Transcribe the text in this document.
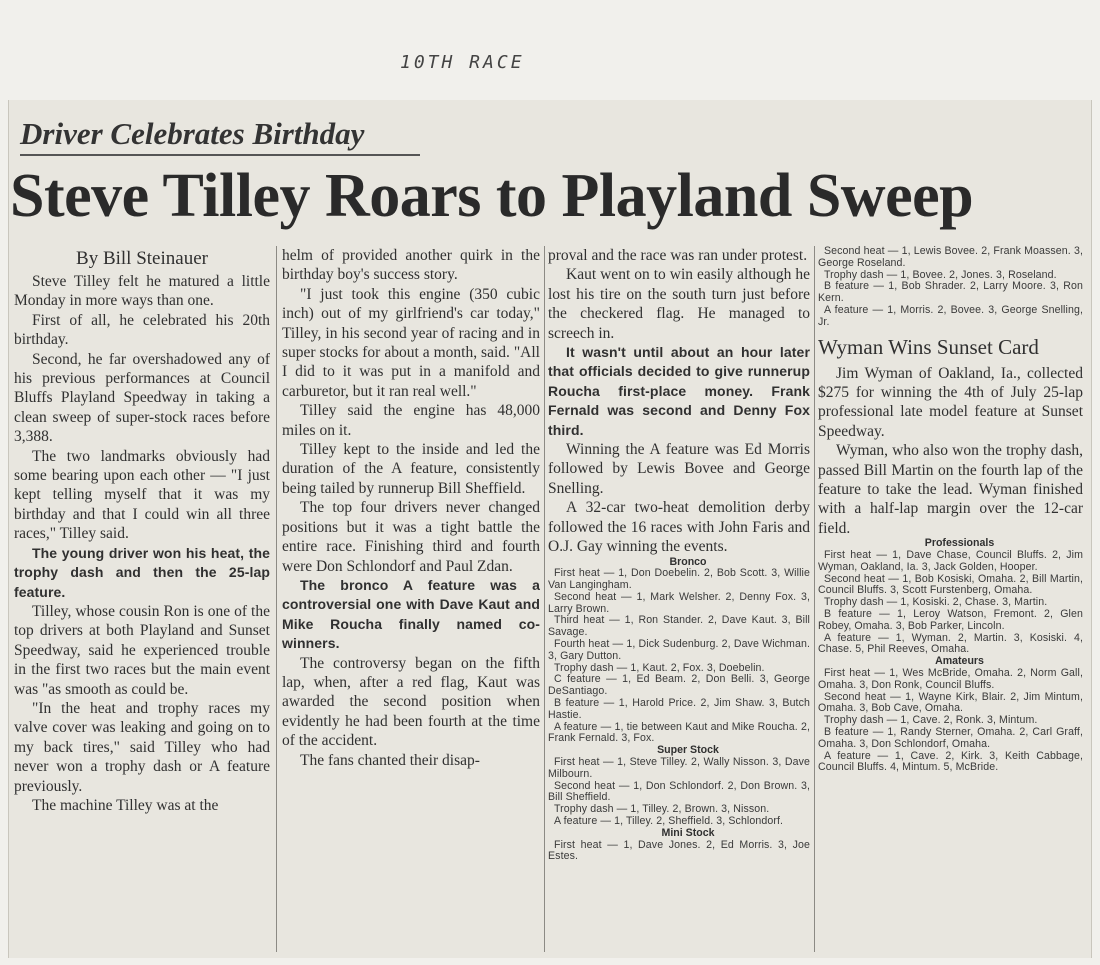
10TH RACE
Driver Celebrates Birthday
Steve Tilley Roars to Playland Sweep

By Bill Steinauer

Steve Tilley felt he matured a little Monday in more ways than one.

First of all, he celebrated his 20th birthday.

Second, he far overshadowed any of his previous performances at Council Bluffs Playland Speedway in taking a clean sweep of super-stock races before 3,388.

The two landmarks obviously had some bearing upon each other — "I just kept telling myself that it was my birthday and that I could win all three races," Tilley said.

The young driver won his heat, the trophy dash and then the 25-lap feature.

Tilley, whose cousin Ron is one of the top drivers at both Playland and Sunset Speedway, said he experienced trouble in the first two races but the main event was "as smooth as could be.

"In the heat and trophy races my valve cover was leaking and going on to my back tires," said Tilley who had never won a trophy dash or A feature previously.

The machine Tilley was at the

helm of provided another quirk in the birthday boy's success story.

"I just took this engine (350 cubic inch) out of my girlfriend's car today," Tilley, in his second year of racing and in super stocks for about a month, said. "All I did to it was put in a manifold and carburetor, but it ran real well."

Tilley said the engine has 48,000 miles on it.

Tilley kept to the inside and led the duration of the A feature, consistently being tailed by runnerup Bill Sheffield.

The top four drivers never changed positions but it was a tight battle the entire race. Finishing third and fourth were Don Schlondorf and Paul Zdan.

The bronco A feature was a controversial one with Dave Kaut and Mike Roucha finally named co-winners.

The controversy began on the fifth lap, when, after a red flag, Kaut was awarded the second position when evidently he had been fourth at the time of the accident.

The fans chanted their disap-

proval and the race was ran under protest.

Kaut went on to win easily although he lost his tire on the south turn just before the checkered flag. He managed to screech in.

It wasn't until about an hour later that officials decided to give runnerup Roucha first-place money. Frank Fernald was second and Denny Fox third.

Winning the A feature was Ed Morris followed by Lewis Bovee and George Snelling.

A 32-car two-heat demolition derby followed the 16 races with John Faris and O.J. Gay winning the events.

Bronco

First heat — 1, Don Doebelin. 2, Bob Scott. 3, Willie Van Langingham.

Second heat — 1, Mark Welsher. 2, Denny Fox. 3, Larry Brown.

Third heat — 1, Ron Stander. 2, Dave Kaut. 3, Bill Savage.

Fourth heat — 1, Dick Sudenburg. 2, Dave Wichman. 3, Gary Dutton.

Trophy dash — 1, Kaut. 2, Fox. 3, Doebelin.

C feature — 1, Ed Beam. 2, Don Belli. 3, George DeSantiago.

B feature — 1, Harold Price. 2, Jim Shaw. 3, Butch Hastie.

A feature — 1, tie between Kaut and Mike Roucha. 2, Frank Fernald. 3, Fox.

Super Stock

First heat — 1, Steve Tilley. 2, Wally Nisson. 3, Dave Milbourn.

Second heat — 1, Don Schlondorf. 2, Don Brown. 3, Bill Sheffield.

Trophy dash — 1, Tilley. 2, Brown. 3, Nisson.

A feature — 1, Tilley. 2, Sheffield. 3, Schlondorf.

Mini Stock

First heat — 1, Dave Jones. 2, Ed Morris. 3, Joe Estes.

Second heat — 1, Lewis Bovee. 2, Frank Moassen. 3, George Roseland.

Trophy dash — 1, Bovee. 2, Jones. 3, Roseland.

B feature — 1, Bob Shrader. 2, Larry Moore. 3, Ron Kern.

A feature — 1, Morris. 2, Bovee. 3, George Snelling, Jr.

Wyman Wins Sunset Card

Jim Wyman of Oakland, Ia., collected $275 for winning the 4th of July 25-lap professional late model feature at Sunset Speedway.

Wyman, who also won the trophy dash, passed Bill Martin on the fourth lap of the feature to take the lead. Wyman finished with a half-lap margin over the 12-car field.

Professionals

First heat — 1, Dave Chase, Council Bluffs. 2, Jim Wyman, Oakland, Ia. 3, Jack Golden, Hooper.

Second heat — 1, Bob Kosiski, Omaha. 2, Bill Martin, Council Bluffs. 3, Scott Furstenberg, Omaha.

Trophy dash — 1, Kosiski. 2, Chase. 3, Martin.

B feature — 1, Leroy Watson, Fremont. 2, Glen Robey, Omaha. 3, Bob Parker, Lincoln.

A feature — 1, Wyman. 2, Martin. 3, Kosiski. 4, Chase. 5, Phil Reeves, Omaha.

Amateurs

First heat — 1, Wes McBride, Omaha. 2, Norm Gall, Omaha. 3, Don Ronk, Council Bluffs.

Second heat — 1, Wayne Kirk, Blair. 2, Jim Mintum, Omaha. 3, Bob Cave, Omaha.

Trophy dash — 1, Cave. 2, Ronk. 3, Mintum.

B feature — 1, Randy Sterner, Omaha. 2, Carl Graff, Omaha. 3, Don Schlondorf, Omaha.

A feature — 1, Cave. 2, Kirk. 3, Keith Cabbage, Council Bluffs. 4, Mintum. 5, McBride.
